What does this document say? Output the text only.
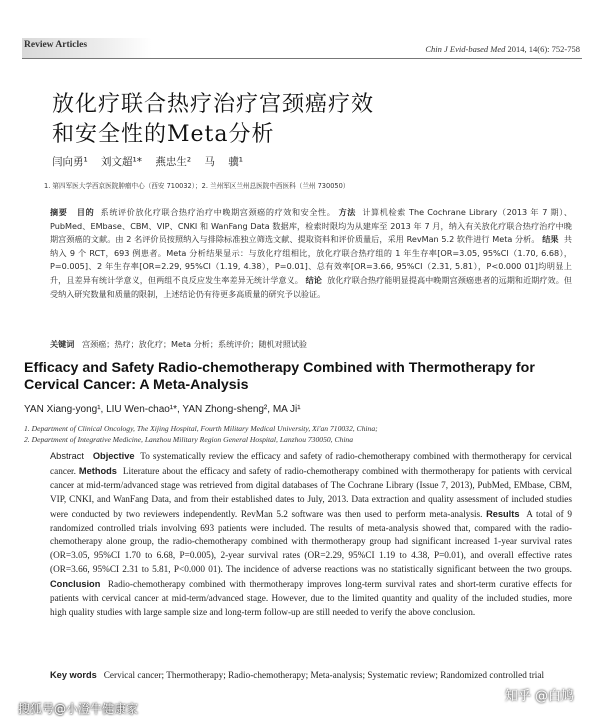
Review Articles	Chin J Evid-based Med 2014, 14(6): 752-758
放化疗联合热疗治疗宫颈癌疗效
和安全性的Meta分析
闫向勇¹ 刘文超¹* 燕忠生² 马 骥¹
1. 第四军医大学西京医院肿瘤中心（西安 710032）；2. 兰州军区兰州总医院中西医科（兰州 730050）
摘要 目的 系统评价放化疗联合热疗治疗中晚期宫颈癌的疗效和安全性。 方法 计算机检索 The Cochrane Library（2013 年 7 期）、PubMed、EMbase、CBM、VIP、CNKI 和 WanFang Data 数据库，检索时限均为从建库至 2013 年 7 月，纳入有关放化疗联合热疗治疗中晚期宫颈癌的文献。由 2 名评价员按照纳入与排除标准独立筛选文献、提取资料和评价质量后，采用 RevMan 5.2 软件进行 Meta 分析。 结果 共纳入 9 个 RCT，693 例患者。Meta 分析结果显示：与放化疗组相比，放化疗联合热疗组的 1 年生存率[OR=3.05, 95%CI（1.70, 6.68），P=0.005]、2 年生存率[OR=2.29, 95%CI（1.19, 4.38），P=0.01]、总有效率[OR=3.66, 95%CI（2.31, 5.81），P<0.000 01]均明显上升，且差异有统计学意义，但两组不良反应发生率差异无统计学意义。 结论 放化疗联合热疗能明显提高中晚期宫颈癌患者的远期和近期疗效。但受纳入研究数量和质量的限制，上述结论仍有待更多高质量的研究予以验证。
关键词 宫颈癌；热疗；放化疗；Meta 分析；系统评价；随机对照试验
Efficacy and Safety Radio-chemotherapy Combined with Thermotherapy for Cervical Cancer: A Meta-Analysis
YAN Xiang-yong¹, LIU Wen-chao¹*, YAN Zhong-sheng², MA Ji¹
1. Department of Clinical Oncology, The Xijing Hospital, Fourth Military Medical University, Xi'an 710032, China;
2. Department of Integrative Medicine, Lanzhou Military Region General Hospital, Lanzhou 730050, China
Abstract Objective To systematically review the efficacy and safety of radio-chemotherapy combined with thermotherapy for cervical cancer. Methods Literature about the efficacy and safety of radio-chemotherapy combined with thermotherapy for patients with cervical cancer at mid-term/advanced stage was retrieved from digital databases of The Cochrane Library (Issue 7, 2013), PubMed, EMbase, CBM, VIP, CNKI, and WanFang Data, and from their established dates to July, 2013. Data extraction and quality assessment of included studies were conducted by two reviewers independently. RevMan 5.2 software was then used to perform meta-analysis. Results A total of 9 randomized controlled trials involving 693 patients were included. The results of meta-analysis showed that, compared with the radio-chemotherapy alone group, the radio-chemotherapy combined with thermotherapy group had significant increased 1-year survival rates (OR=3.05, 95%CI 1.70 to 6.68, P=0.005), 2-year survival rates (OR=2.29, 95%CI 1.19 to 4.38, P=0.01), and overall effective rates (OR=3.66, 95%CI 2.31 to 5.81, P<0.000 01). The incidence of adverse reactions was no statistically significant between the two groups. Conclusion Radio-chemotherapy combined with thermotherapy improves long-term survival rates and short-term curative effects for patients with cervical cancer at mid-term/advanced stage. However, due to the limited quantity and quality of the included studies, more high quality studies with large sample size and long-term follow-up are still needed to verify the above conclusion.
Key words Cervical cancer; Thermotherapy; Radio-chemotherapy; Meta-analysis; Systematic review; Randomized controlled trial
搜狐号@小澄牛健康家
知乎 @白鸠
